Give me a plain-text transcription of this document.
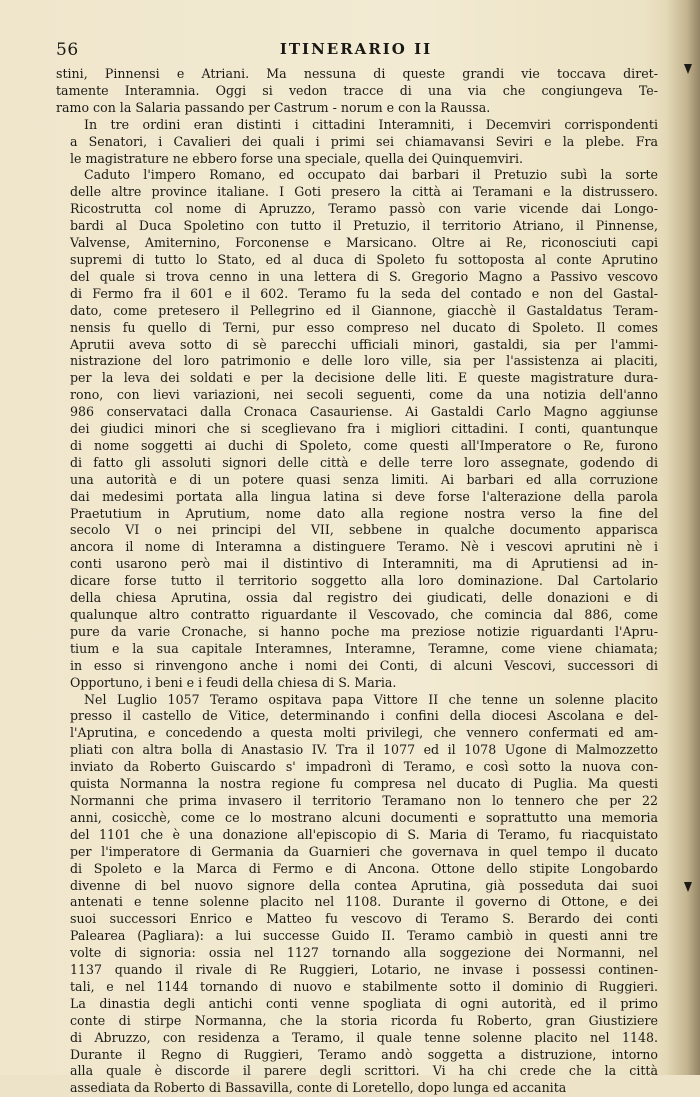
56	ITINERARIO II

stini, Pinnensi e Atriani. Ma nessuna di queste grandi vie toccava diret-
tamente Interamnia. Oggi si vedon tracce di una via che congiungeva Te-
ramo con la Salaria passando per Castrum - norum e con la Raussa.

In tre ordini eran distinti i cittadini Interamniti, i Decemviri corrispondenti
a Senatori, i Cavalieri dei quali i primi sei chiamavansi Seviri e la plebe. Fra
le magistrature ne ebbero forse una speciale, quella dei Quinquemviri.

Caduto l'impero Romano, ed occupato dai barbari il Pretuzio subì la sorte
delle altre province italiane. I Goti presero la città ai Teramani e la distrussero.
Ricostrutta col nome di Apruzzo, Teramo passò con varie vicende dai Longo-
bardi al Duca Spoletino con tutto il Pretuzio, il territorio Atriano, il Pinnense,
Valvense, Amiternino, Forconense e Marsicano. Oltre ai Re, riconosciuti capi
supremi di tutto lo Stato, ed al duca di Spoleto fu sottoposta al conte Aprutino
del quale si trova cenno in una lettera di S. Gregorio Magno a Passivo vescovo
di Fermo fra il 601 e il 602. Teramo fu la seda del contado e non del Gastal-
dato, come pretesero il Pellegrino ed il Giannone, giacchè il Gastaldatus Teram-
nensis fu quello di Terni, pur esso compreso nel ducato di Spoleto. Il comes
Aprutii aveva sotto di sè parecchi ufficiali minori, gastaldi, sia per l'ammi-
nistrazione del loro patrimonio e delle loro ville, sia per l'assistenza ai placiti,
per la leva dei soldati e per la decisione delle liti. E queste magistrature dura-
rono, con lievi variazioni, nei secoli seguenti, come da una notizia dell'anno
986 conservataci dalla Cronaca Casauriense. Ai Gastaldi Carlo Magno aggiunse
dei giudici minori che si sceglievano fra i migliori cittadini. I conti, quantunque
di nome soggetti ai duchi di Spoleto, come questi all'Imperatore o Re, furono
di fatto gli assoluti signori delle città e delle terre loro assegnate, godendo di
una autorità e di un potere quasi senza limiti. Ai barbari ed alla corruzione
dai medesimi portata alla lingua latina si deve forse l'alterazione della parola
Praetutium in Aprutium, nome dato alla regione nostra verso la fine del
secolo VI o nei principi del VII, sebbene in qualche documento apparisca
ancora il nome di Interamna a distinguere Teramo. Nè i vescovi aprutini nè i
conti usarono però mai il distintivo di Interamniti, ma di Aprutiensi ad in-
dicare forse tutto il territorio soggetto alla loro dominazione. Dal Cartolario
della chiesa Aprutina, ossia dal registro dei giudicati, delle donazioni e di
qualunque altro contratto riguardante il Vescovado, che comincia dal 886, come
pure da varie Cronache, si hanno poche ma preziose notizie riguardanti l'Apru-
tium e la sua capitale Interamnes, Interamne, Teramne, come viene chiamata;
in esso si rinvengono anche i nomi dei Conti, di alcuni Vescovi, successori di
Opportuno, i beni e i feudi della chiesa di S. Maria.

Nel Luglio 1057 Teramo ospitava papa Vittore II che tenne un solenne placito
presso il castello de Vitice, determinando i confini della diocesi Ascolana e del-
l'Aprutina, e concedendo a questa molti privilegi, che vennero confermati ed am-
pliati con altra bolla di Anastasio IV. Tra il 1077 ed il 1078 Ugone di Malmozzetto
inviato da Roberto Guiscardo s' impadronì di Teramo, e così sotto la nuova con-
quista Normanna la nostra regione fu compresa nel ducato di Puglia. Ma questi
Normanni che prima invasero il territorio Teramano non lo tennero che per 22
anni, cosicchè, come ce lo mostrano alcuni documenti e soprattutto una memoria
del 1101 che è una donazione all'episcopio di S. Maria di Teramo, fu riacquistato
per l'imperatore di Germania da Guarnieri che governava in quel tempo il ducato
di Spoleto e la Marca di Fermo e di Ancona. Ottone dello stipite Longobardo
divenne di bel nuovo signore della contea Aprutina, già posseduta dai suoi
antenati e tenne solenne placito nel 1108. Durante il governo di Ottone, e dei
suoi successori Enrico e Matteo fu vescovo di Teramo S. Berardo dei conti
Palearea (Pagliara): a lui successe Guido II. Teramo cambiò in questi anni tre
volte di signoria: ossia nel 1127 tornando alla soggezione dei Normanni, nel
1137 quando il rivale di Re Ruggieri, Lotario, ne invase i possessi continen-
tali, e nel 1144 tornando di nuovo e stabilmente sotto il dominio di Ruggieri.
La dinastia degli antichi conti venne spogliata di ogni autorità, ed il primo
conte di stirpe Normanna, che la storia ricorda fu Roberto, gran Giustiziere
di Abruzzo, con residenza a Teramo, il quale tenne solenne placito nel 1148.
Durante il Regno di Ruggieri, Teramo andò soggetta a distruzione, intorno
alla quale è discorde il parere degli scrittori. Vi ha chi crede che la città
assediata da Roberto di Bassavilla, conte di Loretello, dopo lunga ed accanita
